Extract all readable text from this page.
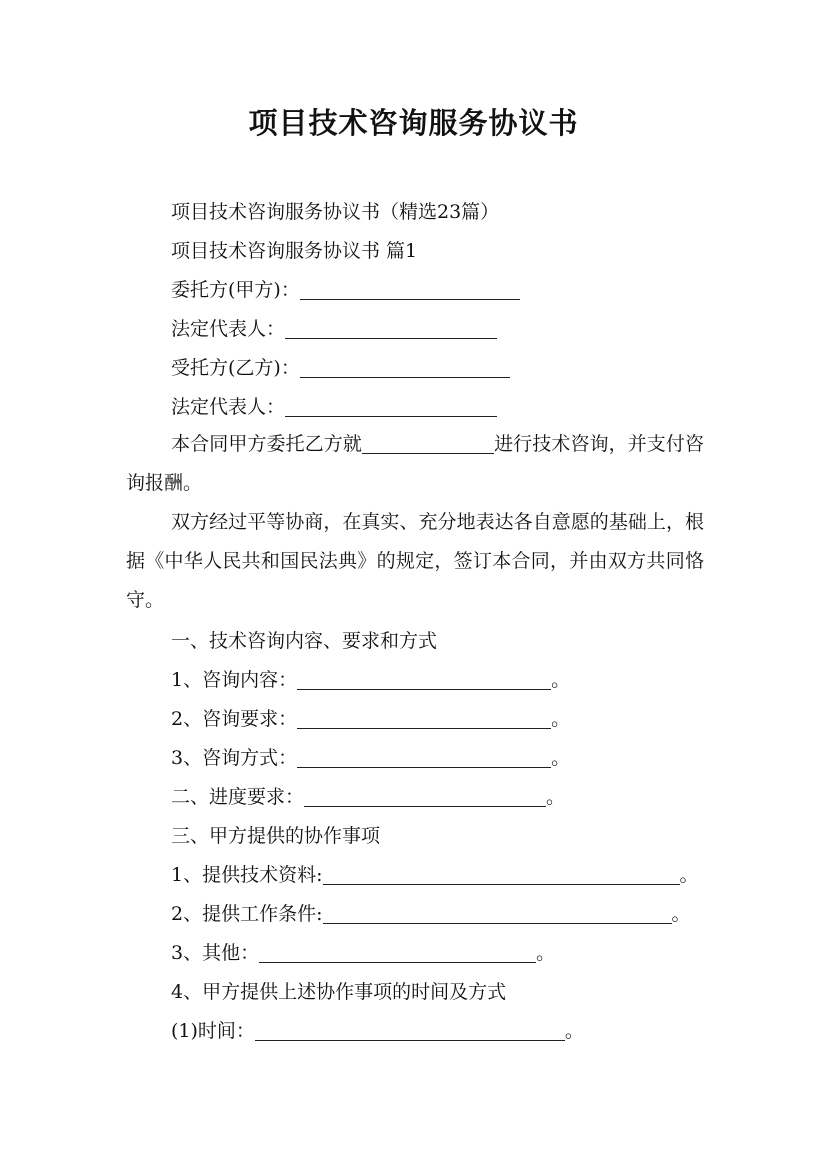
项目技术咨询服务协议书
项目技术咨询服务协议书（精选23篇）
项目技术咨询服务协议书 篇1
委托方(甲方)：
法定代表人：
受托方(乙方)：
法定代表人：
本合同甲方委托乙方就	进行技术咨询，并支付咨询报酬。
双方经过平等协商，在真实、充分地表达各自意愿的基础上，根据《中华人民共和国民法典》的规定，签订本合同，并由双方共同恪守。
一、技术咨询内容、要求和方式
1、咨询内容：	。
2、咨询要求：	。
3、咨询方式：	。
二、进度要求：	。
三、甲方提供的协作事项
1、提供技术资料:	。
2、提供工作条件:	。
3、其他：	。
4、甲方提供上述协作事项的时间及方式
(1)时间：	。
